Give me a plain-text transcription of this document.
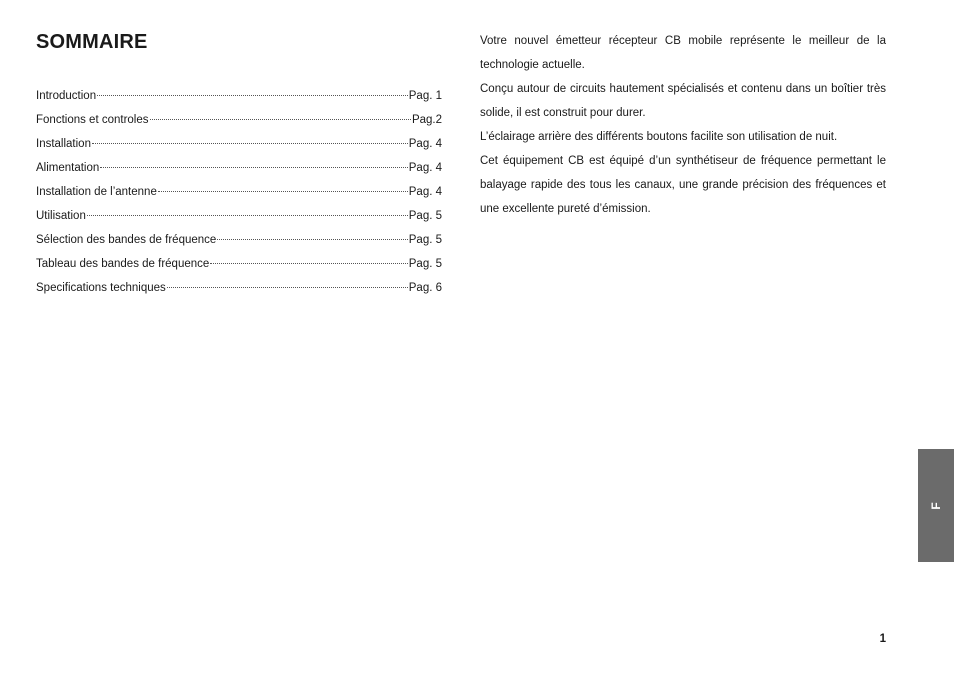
SOMMAIRE
Introduction	Pag. 1
Fonctions et controles	Pag.2
Installation	Pag. 4
Alimentation	Pag. 4
Installation de l’antenne	Pag. 4
Utilisation	Pag. 5
Sélection des bandes de fréquence	Pag. 5
Tableau des bandes de fréquence	Pag. 5
Specifications techniques	Pag. 6

Votre nouvel émetteur récepteur CB mobile représente le meilleur de la technologie actuelle.

Conçu autour de circuits hautement spécialisés et contenu dans un boîtier très solide, il est construit pour durer.

L’éclairage arrière des différents boutons facilite son utilisation de nuit.

Cet équipement CB est équipé d’un synthétiseur de fréquence permettant le balayage rapide des tous les canaux, une grande précision des fréquences et une excellente pureté d’émission.

F
1
